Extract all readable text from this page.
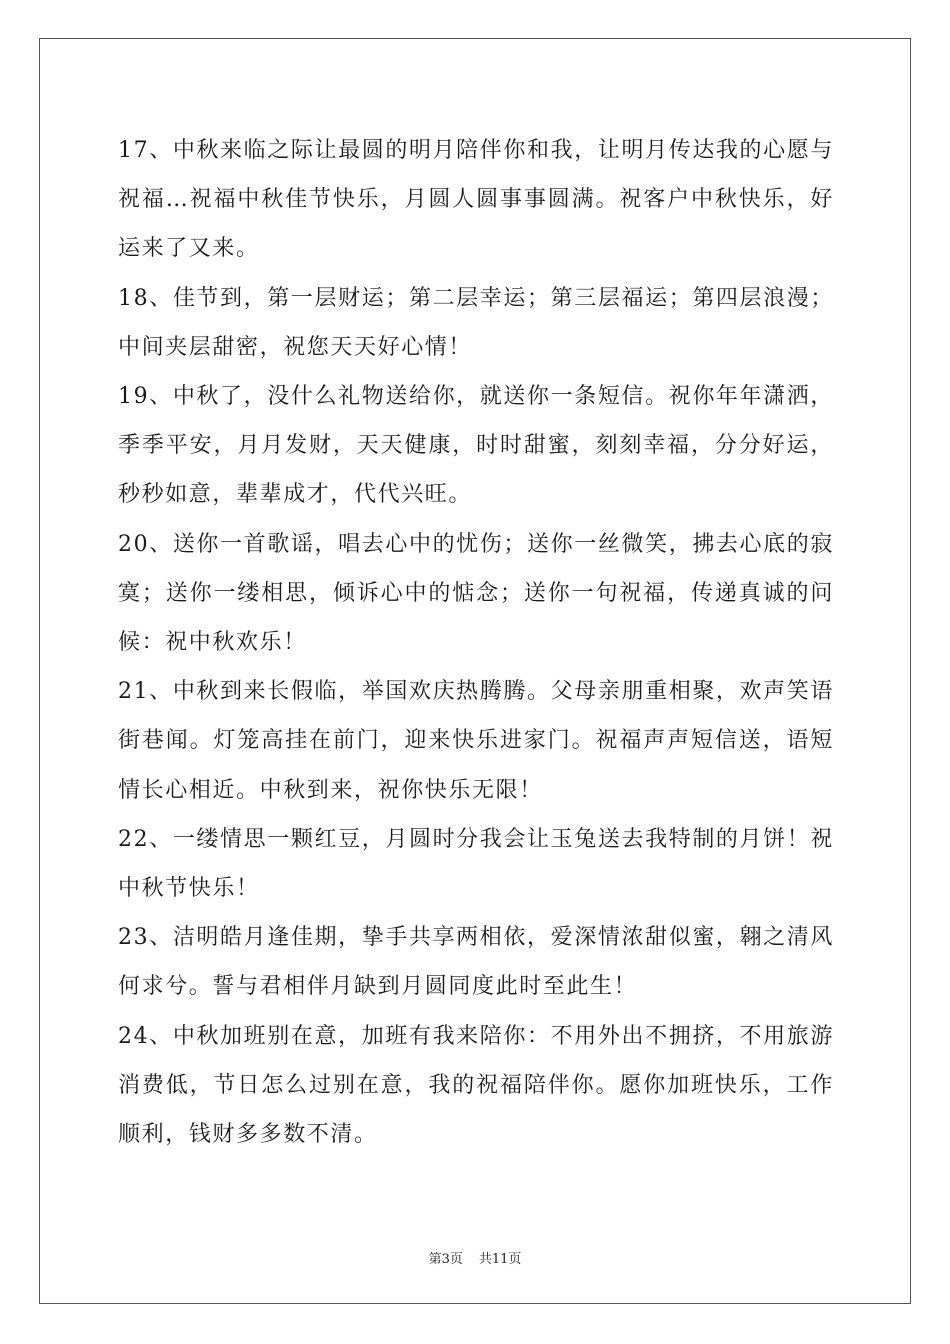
17、中秋来临之际让最圆的明月陪伴你和我，让明月传达我的心愿与祝福…祝福中秋佳节快乐，月圆人圆事事圆满。祝客户中秋快乐，好运来了又来。

18、佳节到，第一层财运；第二层幸运；第三层福运；第四层浪漫；中间夹层甜密，祝您天天好心情！

19、中秋了，没什么礼物送给你，就送你一条短信。祝你年年潇洒，季季平安，月月发财，天天健康，时时甜蜜，刻刻幸福，分分好运，秒秒如意，辈辈成才，代代兴旺。

20、送你一首歌谣，唱去心中的忧伤；送你一丝微笑，拂去心底的寂寞；送你一缕相思，倾诉心中的惦念；送你一句祝福，传递真诚的问候：祝中秋欢乐！

21、中秋到来长假临，举国欢庆热腾腾。父母亲朋重相聚，欢声笑语街巷闻。灯笼高挂在前门，迎来快乐进家门。祝福声声短信送，语短情长心相近。中秋到来，祝你快乐无限！

22、一缕情思一颗红豆，月圆时分我会让玉兔送去我特制的月饼！祝中秋节快乐！

23、洁明皓月逢佳期，挚手共享两相依，爱深情浓甜似蜜，翱之清风何求兮。誓与君相伴月缺到月圆同度此时至此生！

24、中秋加班别在意，加班有我来陪你：不用外出不拥挤，不用旅游消费低，节日怎么过别在意，我的祝福陪伴你。愿你加班快乐，工作顺利，钱财多多数不清。

第3页 共11页
